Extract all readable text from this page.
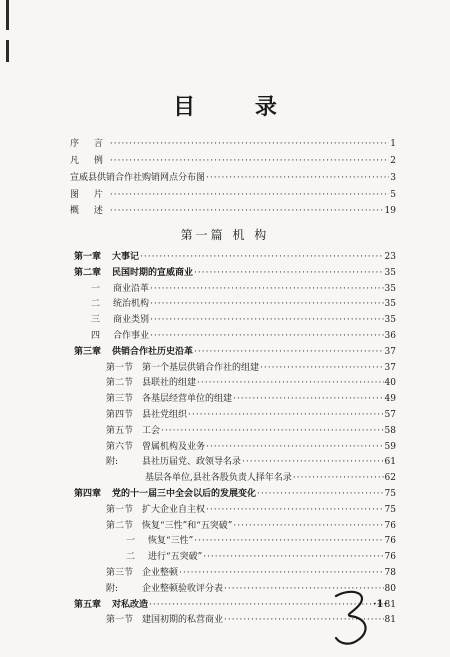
目 录
序 言 ·····	1
凡 例 ·····	2
宣威县供销合作社购销网点分布图 ·····	3
图 片 ·····	5
概 述 ·····	19
第一篇 机 构
第一章	大事记 ·····	23
第二章	民国时期的宣威商业 ·····	35
一	商业沿革 ·····	35
二	统治机构 ·····	35
三	商业类别 ·····	35
四	合作事业 ·····	36
第三章	供销合作社历史沿革 ·····	37
第一节 第一个基层供销合作社的组建 ·····	37
第二节 县联社的组建 ·····	40
第三节 各基层经营单位的组建 ·····	49
第四节 县社党组织 ·····	57
第五节 工会 ·····	58
第六节 曾属机构及业务 ·····	59
附:	县社历届党、政领导名录 ·····	61
基层各单位,县社各股负责人择年名录 ·····	62
第四章	党的十一届三中全会以后的发展变化 ·····	75
第一节 扩大企业自主权 ·····	75
第二节 恢复“三性”和“五突破” ·····	76
一	恢复“三性” ·····	76
二	进行“五突破” ·····	76
第三节 企业整顿 ·····	78
附:	企业整顿验收评分表 ·····	80
第五章	对私改造 ·····	81
第一节 建国初期的私营商业 ·····	81
·1·
